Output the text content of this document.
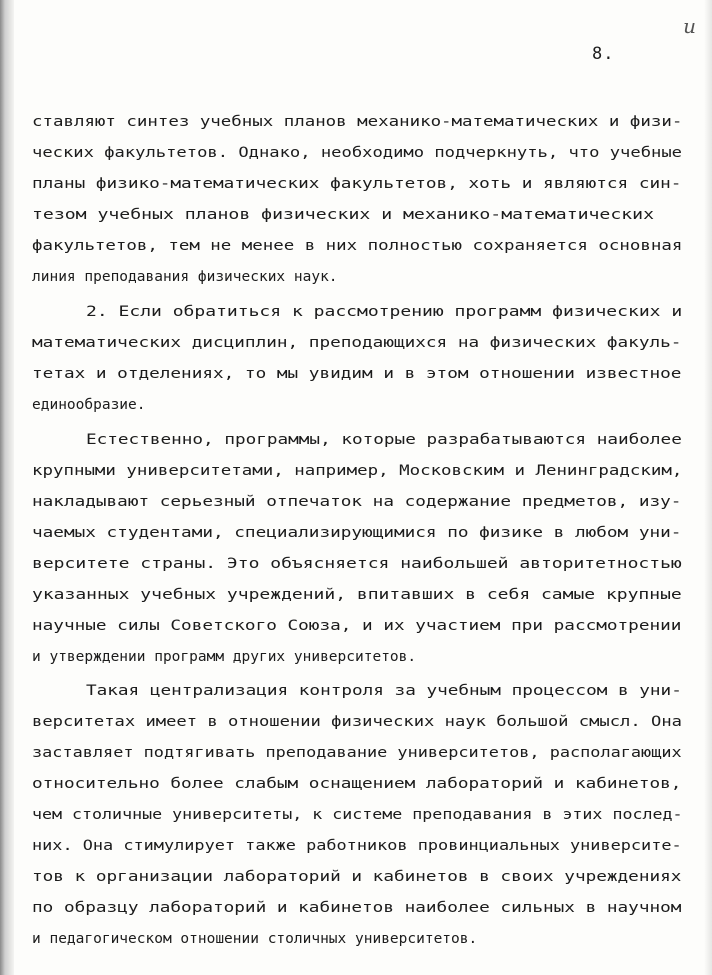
и
8.
ставляют синтез учебных планов механико-математических и физи-
ческих факультетов. Однако, необходимо подчеркнуть, что учебные
планы физико-математических факультетов, хоть и являются син-
тезом учебных планов физических и механико-математических
факультетов, тем не менее в них полностью сохраняется основная
линия преподавания физических наук.
2. Если обратиться к рассмотрению программ физических и
математических дисциплин, преподающихся на физических факуль-
тетах и отделениях, то мы увидим и в этом отношении известное
единообразие.
Естественно, программы, которые разрабатываются наиболее
крупными университетами, например, Московским и Ленинградским,
накладывают серьезный отпечаток на содержание предметов, изу-
чаемых студентами, специализирующимися по физике в любом уни-
верситете страны. Это объясняется наибольшей авторитетностью
указанных учебных учреждений, впитавших в себя самые крупные
научные силы Советского Союза, и их участием при рассмотрении
и утверждении программ других университетов.
Такая централизация контроля за учебным процессом в уни-
верситетах имеет в отношении физических наук большой смысл. Она
заставляет подтягивать преподавание университетов, располагающих
относительно более слабым оснащением лабораторий и кабинетов,
чем столичные университеты, к системе преподавания в этих послед-
них. Она стимулирует также работников провинциальных университе-
тов к организации лабораторий и кабинетов в своих учреждениях
по образцу лабораторий и кабинетов наиболее сильных в научном
и педагогическом отношении столичных университетов.
